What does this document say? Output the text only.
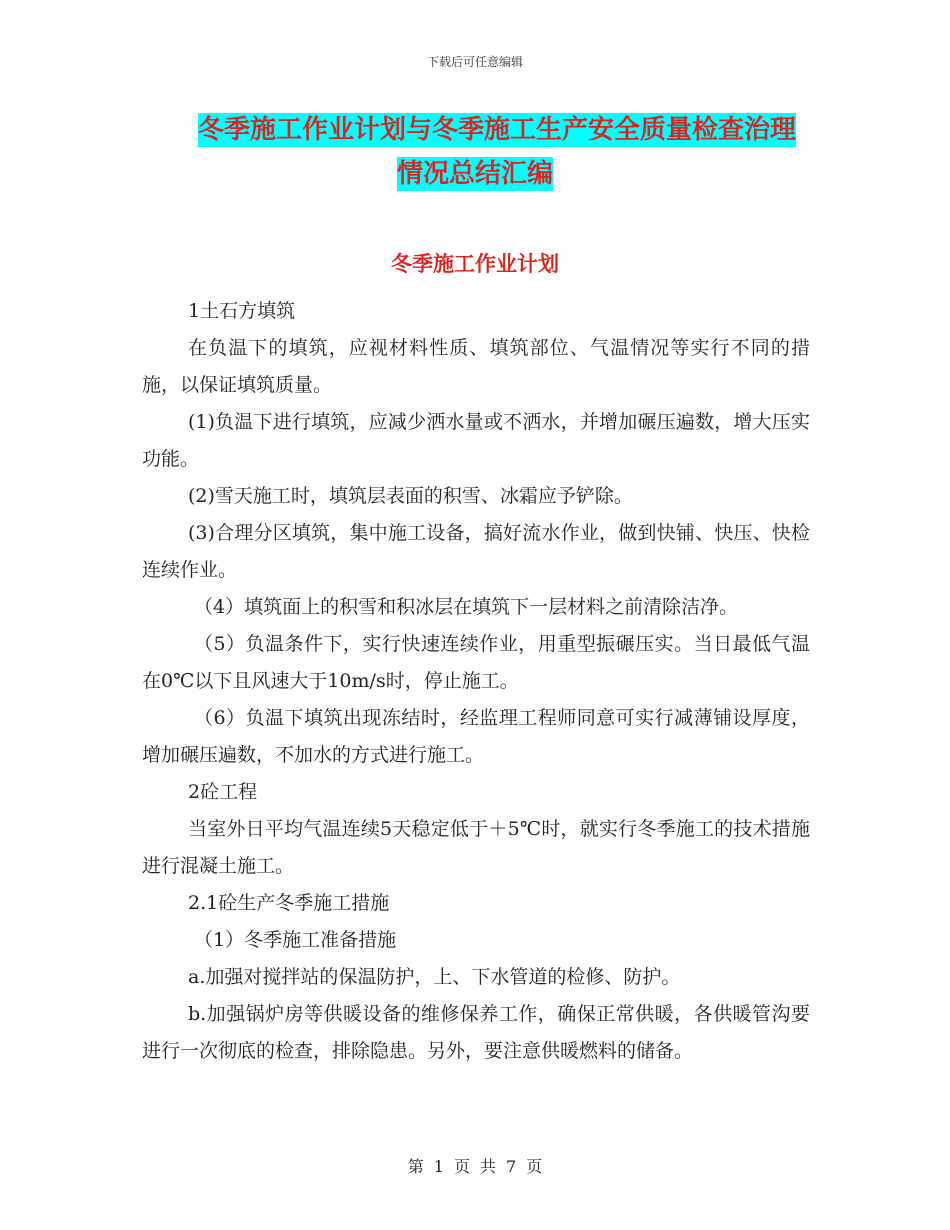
下载后可任意编辑
冬季施工作业计划与冬季施工生产安全质量检查治理
情况总结汇编
冬季施工作业计划

1土石方填筑

在负温下的填筑，应视材料性质、填筑部位、气温情况等实行不同的措施，以保证填筑质量。

(1)负温下进行填筑，应减少洒水量或不洒水，并增加碾压遍数，增大压实功能。

(2)雪天施工时，填筑层表面的积雪、冰霜应予铲除。

(3)合理分区填筑，集中施工设备，搞好流水作业，做到快铺、快压、快检连续作业。

（4）填筑面上的积雪和积冰层在填筑下一层材料之前清除洁净。

（5）负温条件下，实行快速连续作业，用重型振碾压实。当日最低气温在0℃以下且风速大于10m/s时，停止施工。

（6）负温下填筑出现冻结时，经监理工程师同意可实行减薄铺设厚度，增加碾压遍数，不加水的方式进行施工。

2砼工程

当室外日平均气温连续5天稳定低于＋5℃时，就实行冬季施工的技术措施进行混凝土施工。

2.1砼生产冬季施工措施

（1）冬季施工准备措施

a.加强对搅拌站的保温防护，上、下水管道的检修、防护。

b.加强锅炉房等供暖设备的维修保养工作，确保正常供暖，各供暖管沟要进行一次彻底的检查，排除隐患。另外，要注意供暖燃料的储备。

第 1 页 共 7 页
